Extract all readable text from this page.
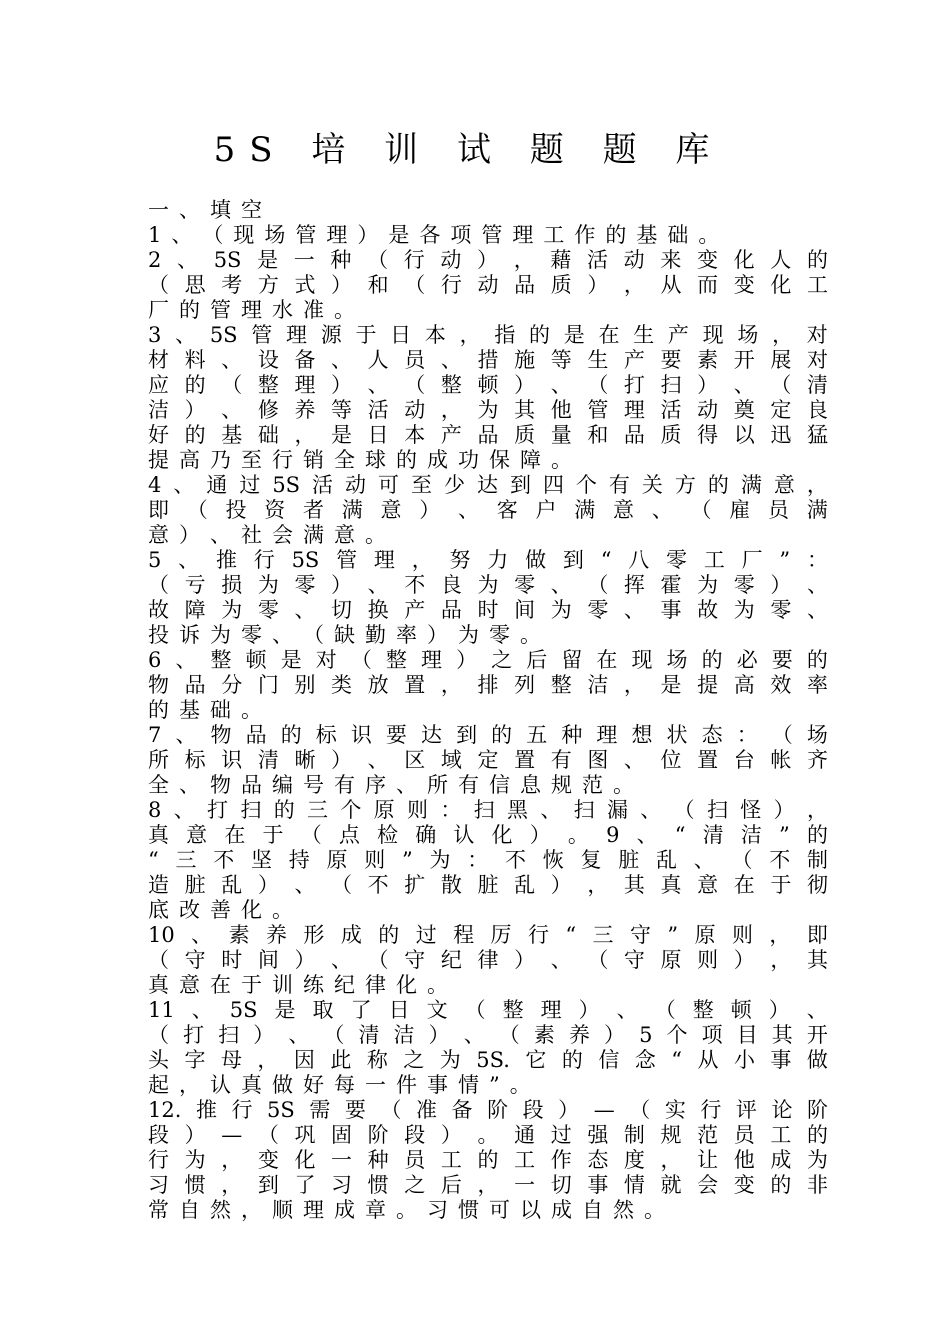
5S 培 训 试 题 题 库
一 、 填 空
1 、 （ 现 场 管 理 ） 是 各 项 管 理 工 作 的 基 础 。
2 、 5S 是 一 种 （ 行 动 ） ， 藉 活 动 来 变 化 人 的
（ 思 考 方 式 ） 和 （ 行 动 品 质 ） ， 从 而 变 化 工
厂 的 管 理 水 准 。
3 、 5S 管 理 源 于 日 本 ， 指 的 是 在 生 产 现 场 ， 对
材 料 、 设 备 、 人 员 、 措 施 等 生 产 要 素 开 展 对
应 的 （ 整 理 ） 、 （ 整 顿 ） 、 （ 打 扫 ） 、 （ 清
洁 ） 、 修 养 等 活 动 ， 为 其 他 管 理 活 动 奠 定 良
好 的 基 础 ， 是 日 本 产 品 质 量 和 品 质 得 以 迅 猛
提 高 乃 至 行 销 全 球 的 成 功 保 障 。
4 、 通 过 5S 活 动 可 至 少 达 到 四 个 有 关 方 的 满 意 ，
即 （ 投 资 者 满 意 ） 、 客 户 满 意 、 （ 雇 员 满
意 ） 、 社 会 满 意 。
5 、 推 行 5S 管 理 ， 努 力 做 到 “ 八 零 工 厂 ” ：
（ 亏 损 为 零 ） 、 不 良 为 零 、 （ 挥 霍 为 零 ） 、
故 障 为 零 、 切 换 产 品 时 间 为 零 、 事 故 为 零 、
投 诉 为 零 、 （ 缺 勤 率 ） 为 零 。
6 、 整 顿 是 对 （ 整 理 ） 之 后 留 在 现 场 的 必 要 的
物 品 分 门 别 类 放 置 ， 排 列 整 洁 ， 是 提 高 效 率
的 基 础 。
7 、 物 品 的 标 识 要 达 到 的 五 种 理 想 状 态 ： （ 场
所 标 识 清 晰 ） 、 区 域 定 置 有 图 、 位 置 台 帐 齐
全 、 物 品 编 号 有 序 、 所 有 信 息 规 范 。
8 、 打 扫 的 三 个 原 则 ： 扫 黑 、 扫 漏 、 （ 扫 怪 ） ，
真 意 在 于 （ 点 检 确 认 化 ） 。 9 、 “ 清 洁 ” 的
“ 三 不 坚 持 原 则 ” 为 ： 不 恢 复 脏 乱 、 （ 不 制
造 脏 乱 ） 、 （ 不 扩 散 脏 乱 ） ， 其 真 意 在 于 彻
底 改 善 化 。
10 、 素 养 形 成 的 过 程 厉 行 “ 三 守 ” 原 则 ， 即
（ 守 时 间 ） 、 （ 守 纪 律 ） 、 （ 守 原 则 ） ， 其
真 意 在 于 训 练 纪 律 化 。
11 、 5S 是 取 了 日 文 （ 整 理 ） 、 （ 整 顿 ） 、
（ 打 扫 ） 、 （ 清 洁 ） 、 （ 素 养 ） 5 个 项 目 其 开
头 字 母 ， 因 此 称 之 为 5S. 它 的 信 念 “ 从 小 事 做
起 ， 认 真 做 好 每 一 件 事 情 ” 。
12. 推 行 5S 需 要 （ 准 备 阶 段 ） — （ 实 行 评 论 阶
段 ） — （ 巩 固 阶 段 ） 。 通 过 强 制 规 范 员 工 的
行 为 ， 变 化 一 种 员 工 的 工 作 态 度 ， 让 他 成 为
习 惯 ， 到 了 习 惯 之 后 ， 一 切 事 情 就 会 变 的 非
常 自 然 ， 顺 理 成 章 。 习 惯 可 以 成 自 然 。
